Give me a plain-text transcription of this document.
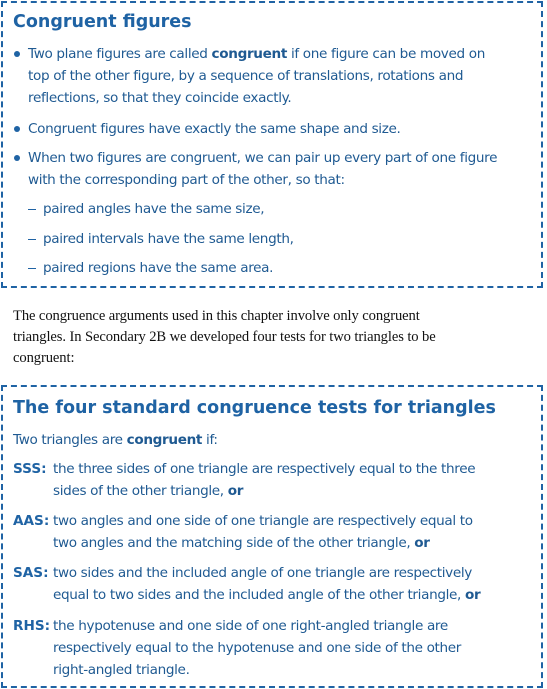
Congruent figures
Two plane figures are called congruent if one figure can be moved on
top of the other figure, by a sequence of translations, rotations and
reflections, so that they coincide exactly.
Congruent figures have exactly the same shape and size.
When two figures are congruent, we can pair up every part of one figure
with the corresponding part of the other, so that:
paired angles have the same size,
paired intervals have the same length,
paired regions have the same area.
The congruence arguments used in this chapter involve only congruent
triangles. In Secondary 2B we developed four tests for two triangles to be
congruent:
The four standard congruence tests for triangles
Two triangles are congruent if:
SSS: the three sides of one triangle are respectively equal to the three
sides of the other triangle, or
AAS: two angles and one side of one triangle are respectively equal to
two angles and the matching side of the other triangle, or
SAS: two sides and the included angle of one triangle are respectively
equal to two sides and the included angle of the other triangle, or
RHS: the hypotenuse and one side of one right-angled triangle are
respectively equal to the hypotenuse and one side of the other
right-angled triangle.
